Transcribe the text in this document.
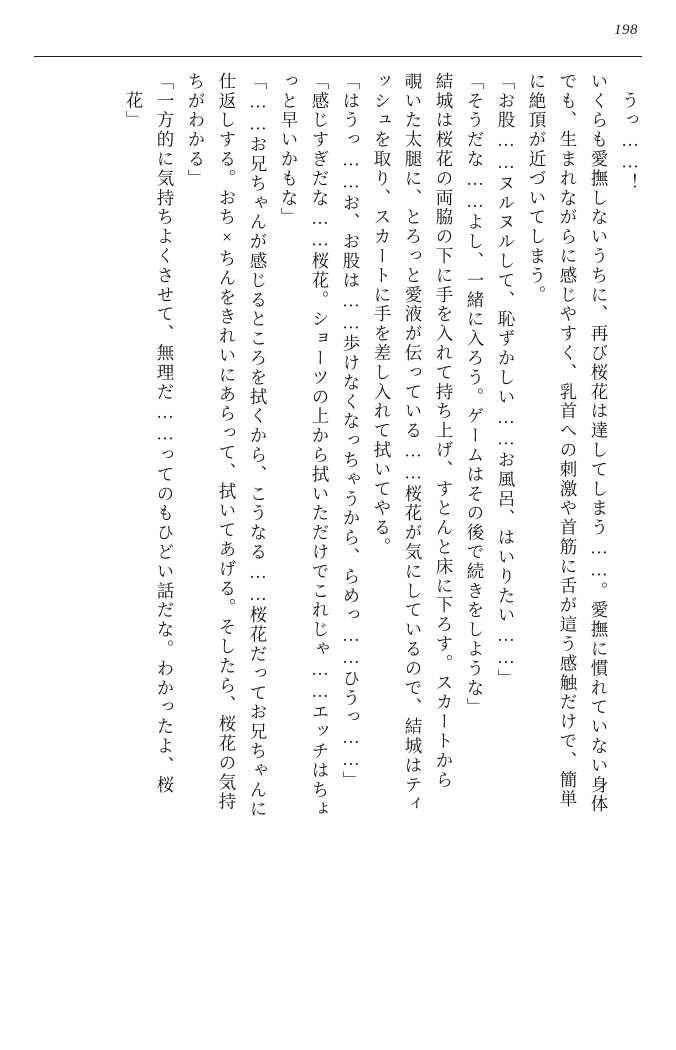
198
うっ……！
いくらも愛撫しないうちに、再び桜花は達してしまう……。愛撫に慣れていない身体
でも、生まれながらに感じやすく、乳首への刺激や首筋に舌が這う感触だけで、簡単
に絶頂が近づいてしまう。
「お股……ヌルヌルして、恥ずかしい……お風呂、はいりたい……」
「そうだな……よし、一緒に入ろう。ゲームはその後で続きをしような」
結城は桜花の両脇の下に手を入れて持ち上げ、すとんと床に下ろす。スカートから
覗いた太腿に、とろっと愛液が伝っている……桜花が気にしているので、結城はティ
ッシュを取り、スカートに手を差し入れて拭いてやる。
「はうっ……お、お股は……歩けなくなっちゃうから、らめっ……ひうっ……」
「感じすぎだな……桜花。ショーツの上から拭いただけでこれじゃ……エッチはちょ
っと早いかもな」
「……お兄ちゃんが感じるところを拭くから、こうなる……桜花だってお兄ちゃんに
仕返しする。おち×ちんをきれいにあらって、拭いてあげる。そしたら、桜花の気持
ちがわかる」
「一方的に気持ちよくさせて、無理だ……ってのもひどい話だな。わかったよ、桜
花」
